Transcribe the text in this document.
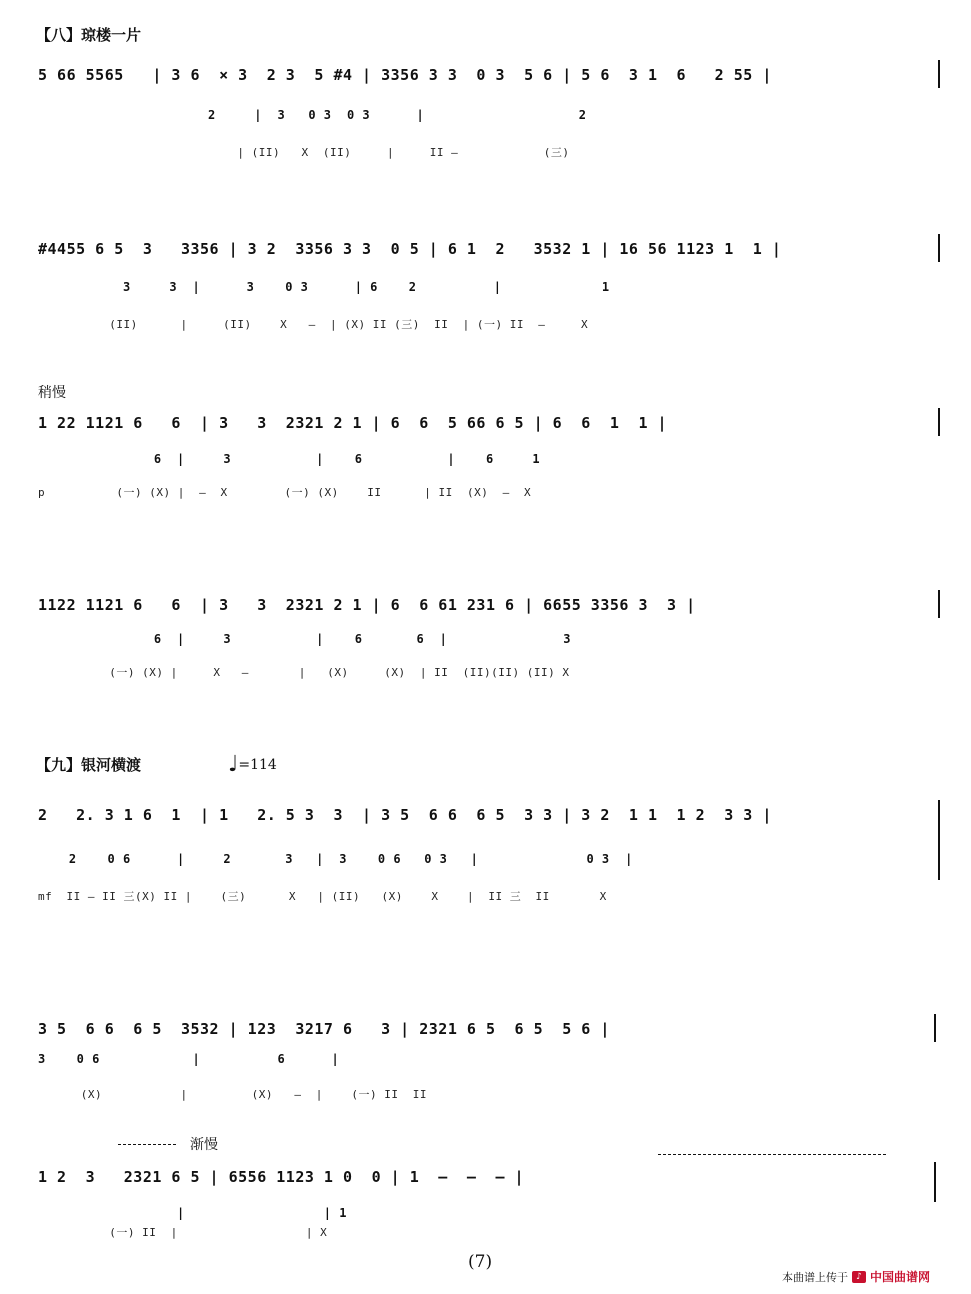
【八】琼楼一片
5 66 5565   | 3 6  × 3  2 3  5 #4 | 3356 3 3  0 3  5 6 | 5 6  3 1  6   2 55 |
2     |  3   0 3  0 3      |                    2
| (II)   X  (II)     |     II –            (三)
#4455 6 5  3   3356 | 3 2  3356 3 3  0 5 | 6 1  2   3532 1 | 16 56 1123 1  1 |
3     3  |      3    0 3      | 6    2          |             1
(II)      |     (II)    X   –  | (X) II (三)  II  | (一) II  –     X
稍慢
1 22 1121 6   6  | 3   3  2321 2 1 | 6  6  5 66 6 5 | 6  6  1  1 |
6  |     3           |    6           |    6     1
p          (一) (X) |  –  X        (一) (X)    II      | II  (X)  –  X
1122 1121 6   6  | 3   3  2321 2 1 | 6  6 61 231 6 | 6655 3356 3  3 |
6  |     3           |    6       6  |               3
(一) (X) |     X   –       |   (X)     (X)  | II  (II)(II) (II) X
【九】银河横渡	♩=114
2   2. 3 1 6  1  | 1   2. 5 3  3  | 3 5  6 6  6 5  3 3 | 3 2  1 1  1 2  3 3 |
2    0 6      |     2       3   |  3    0 6   0 3   |              0 3  |
mf  II – II 三(X) II |    (三)      X   | (II)   (X)    X    |  II 三  II       X
3 5  6 6  6 5  3532 | 123  3217 6   3 | 2321 6 5  6 5  5 6 |
3    0 6            |          6      |
(X)           |         (X)   –  |    (一) II  II
渐慢
1 2  3   2321 6 5 | 6556 1123 1 0  0 | 1  –  –  – |
|                  | 1
(一) II  |                  | X
(7)
本曲谱上传于 ♪ 中国曲谱网
